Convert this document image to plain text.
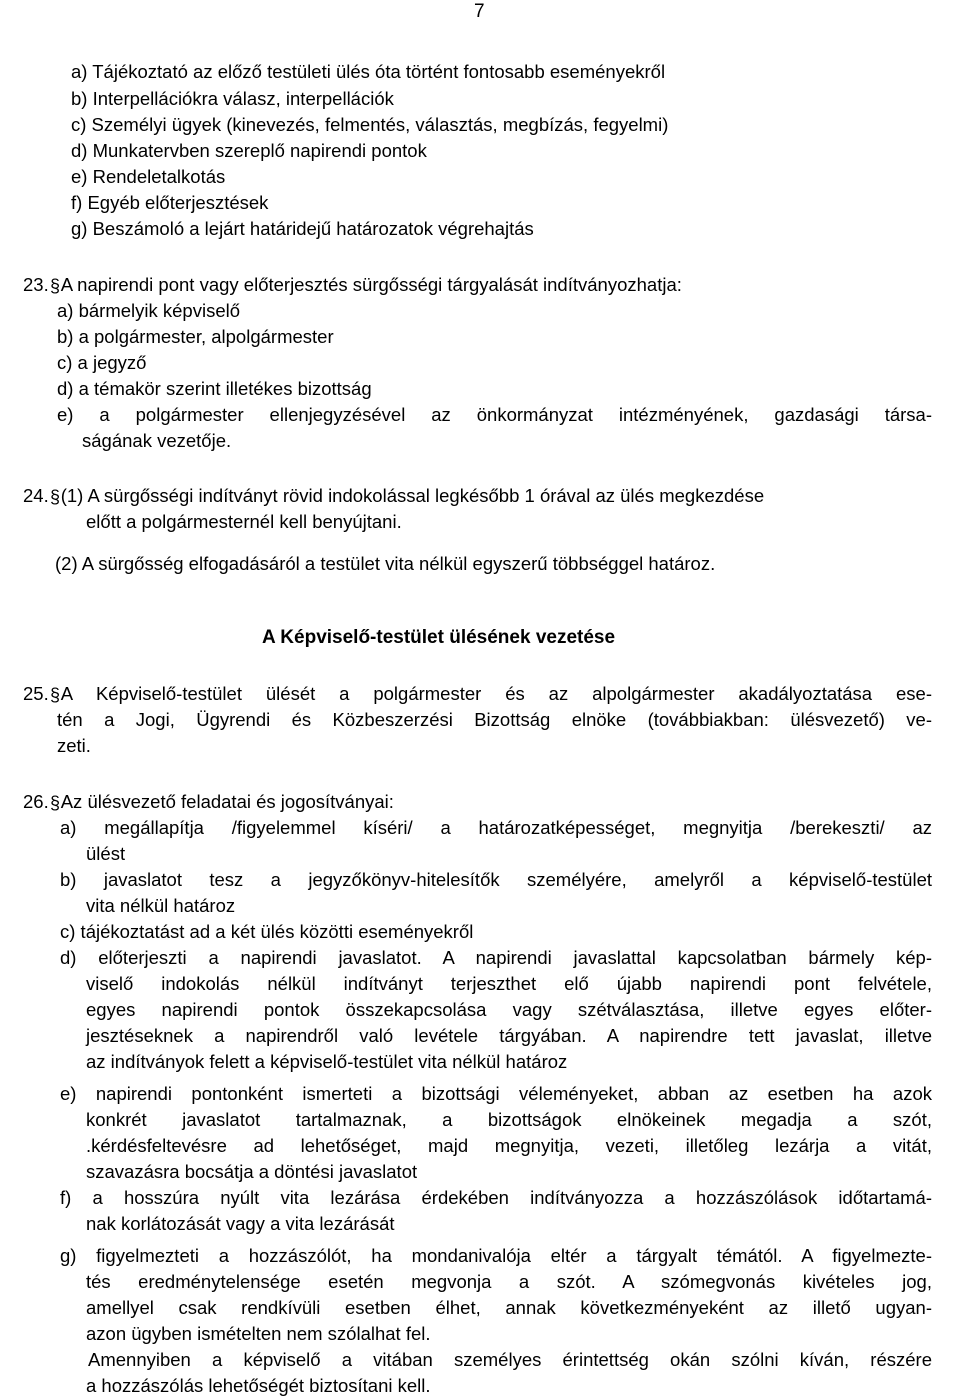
7
a) Tájékoztató az előző testületi ülés óta történt fontosabb eseményekről
b) Interpellációkra válasz, interpellációk
c) Személyi ügyek (kinevezés, felmentés, választás, megbízás, fegyelmi)
d) Munkatervben szereplő napirendi pontok
e) Rendeletalkotás
f) Egyéb előterjesztések
g) Beszámoló a lejárt határidejű határozatok végrehajtás
23. § A napirendi pont vagy előterjesztés sürgősségi tárgyalását indítványozhatja:
a) bármelyik képviselő
b) a polgármester, alpolgármester
c) a jegyző
d) a témakör szerint illetékes bizottság
e) a polgármester ellenjegyzésével az önkormányzat intézményének, gazdasági társa-
ságának vezetője.
24. § (1) A sürgősségi indítványt rövid indokolással legkésőbb 1 órával az ülés megkezdése
előtt a polgármesternél kell benyújtani.
(2) A sürgősség elfogadásáról a testület vita nélkül egyszerű többséggel határoz.
A Képviselő-testület ülésének vezetése
25. § A Képviselő-testület ülését a polgármester és az alpolgármester akadályoztatása ese-
tén a Jogi, Ügyrendi és Közbeszerzési Bizottság elnöke (továbbiakban: ülésvezető) ve-
zeti.
26. § Az ülésvezető feladatai és jogosítványai:
a) megállapítja /figyelemmel kíséri/ a határozatképességet, megnyitja /berekeszti/ az
ülést
b) javaslatot tesz a jegyzőkönyv-hitelesítők személyére, amelyről a képviselő-testület
vita nélkül határoz
c) tájékoztatást ad a két ülés közötti eseményekről
d) előterjeszti a napirendi javaslatot. A napirendi javaslattal kapcsolatban bármely kép-
viselő indokolás nélkül indítványt terjeszthet elő újabb napirendi pont felvétele,
egyes napirendi pontok összekapcsolása vagy szétválasztása, illetve egyes előter-
jesztéseknek a napirendről való levétele tárgyában. A napirendre tett javaslat, illetve
az indítványok felett a képviselő-testület vita nélkül határoz
e) napirendi pontonként ismerteti a bizottsági véleményeket, abban az esetben ha azok
konkrét javaslatot tartalmaznak, a bizottságok elnökeinek megadja a szót,
.kérdésfeltevésre ad lehetőséget, majd megnyitja, vezeti, illetőleg lezárja a vitát,
szavazásra bocsátja a döntési javaslatot
f) a hosszúra nyúlt vita lezárása érdekében indítványozza a hozzászólások időtartamá-
nak korlátozását vagy a vita lezárását
g) figyelmezteti a hozzászólót, ha mondanivalója eltér a tárgyalt témától. A figyelmezte-
tés eredménytelensége esetén megvonja a szót. A szómegvonás kivételes jog,
amellyel csak rendkívüli esetben élhet, annak következményeként az illető ugyan-
azon ügyben ismételten nem szólalhat fel.
Amennyiben a képviselő a vitában személyes érintettség okán szólni kíván, részére
a hozzászólás lehetőségét biztosítani kell.
